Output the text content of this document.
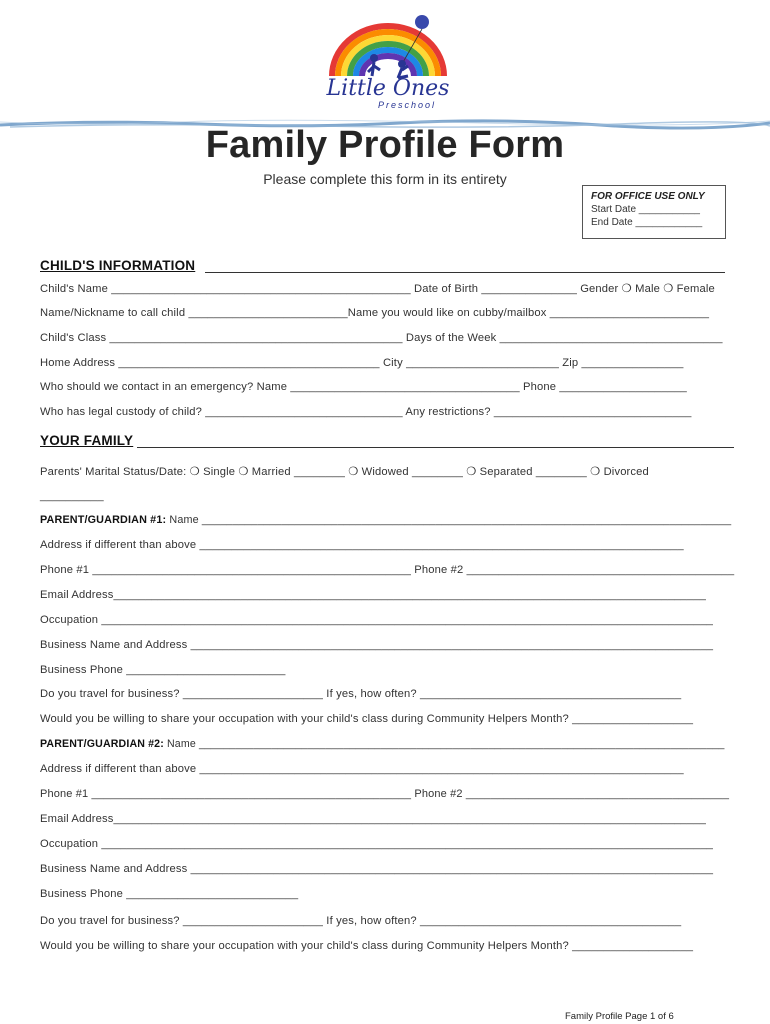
Little Ones
Preschool
Family Profile Form
Please complete this form in its entirety
FOR OFFICE USE ONLY
Start Date ___________
End Date ____________
CHILD'S INFORMATION
Child's Name _______________________________________________ Date of Birth _______________ Gender ❍ Male ❍ Female
Name/Nickname to call child _________________________Name you would like on cubby/mailbox _________________________
Child's Class ______________________________________________ Days of the Week ___________________________________
Home Address _________________________________________ City ________________________ Zip ________________
Who should we contact in an emergency? Name ____________________________________ Phone ____________________
Who has legal custody of child? _______________________________ Any restrictions? _______________________________
YOUR FAMILY
Parents' Marital Status/Date: ❍ Single ❍ Married ________ ❍ Widowed ________ ❍ Separated ________ ❍ Divorced
__________
PARENT/GUARDIAN #1: Name ______________________________________________________________________________________
Address if different than above ____________________________________________________________________________
Phone #1 __________________________________________________ Phone #2 __________________________________________
Email Address_____________________________________________________________________________________________
Occupation ________________________________________________________________________________________________
Business Name and Address __________________________________________________________________________________
Business Phone _________________________
Do you travel for business? ______________________ If yes, how often? _________________________________________
Would you be willing to share your occupation with your child's class during Community Helpers Month? ___________________
PARENT/GUARDIAN #2: Name _______________________________________________________________________________________
Address if different than above ____________________________________________________________________________
Phone #1 ___________________________________________________ Phone #2 __________________________________________
Email Address_____________________________________________________________________________________________
Occupation ________________________________________________________________________________________________
Business Name and Address __________________________________________________________________________________
Business Phone ___________________________
Do you travel for business? ______________________ If yes, how often? _________________________________________
Would you be willing to share your occupation with your child's class during Community Helpers Month? ___________________
Family Profile Page 1 of 6
